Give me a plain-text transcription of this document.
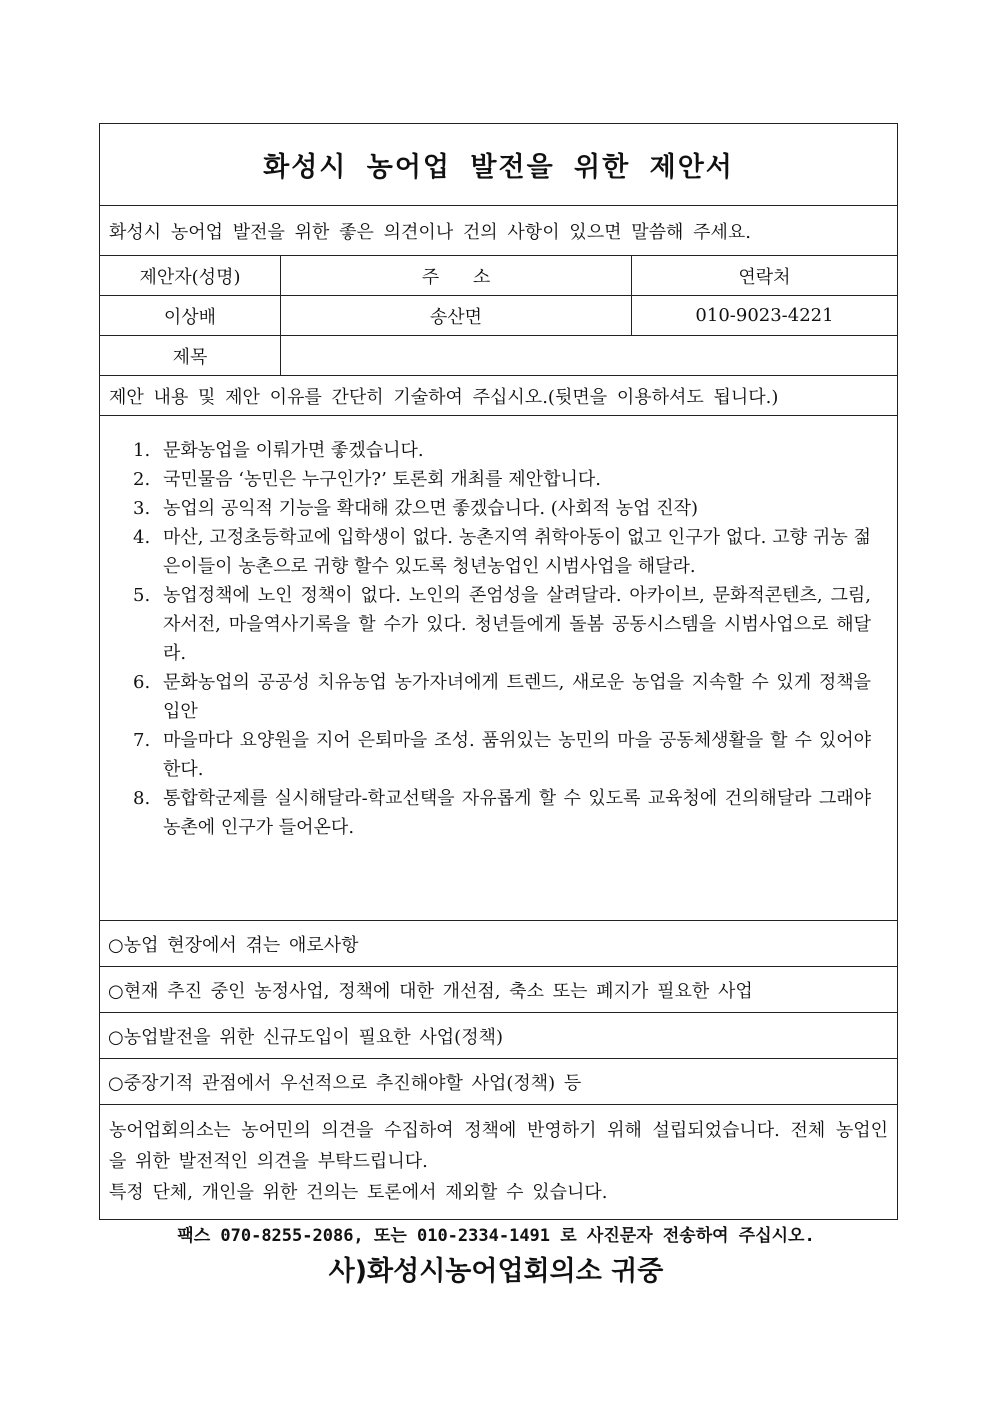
화성시 농어업 발전을 위한 제안서
화성시 농어업 발전을 위한 좋은 의견이나 건의 사항이 있으면 말씀해 주세요.
제안자(성명)	주 소	연락처
이상배	송산면	010-9023-4221
제목
제안 내용 및 제안 이유를 간단히 기술하여 주십시오.(뒷면을 이용하셔도 됩니다.)
1. 문화농업을 이뤄가면 좋겠습니다.
2. 국민물음 ‘농민은 누구인가?’ 토론회 개최를 제안합니다.
3. 농업의 공익적 기능을 확대해 갔으면 좋겠습니다. (사회적 농업 진작)
4. 마산, 고정초등학교에 입학생이 없다. 농촌지역 취학아동이 없고 인구가 없다. 고향 귀농 젊은이들이 농촌으로 귀향 할수 있도록 청년농업인 시범사업을 해달라.
5. 농업정책에 노인 정책이 없다. 노인의 존엄성을 살려달라. 아카이브, 문화적콘텐츠, 그림, 자서전, 마을역사기록을 할 수가 있다. 청년들에게 돌봄 공동시스템을 시범사업으로 해달라.
6. 문화농업의 공공성 치유농업 농가자녀에게 트렌드, 새로운 농업을 지속할 수 있게 정책을 입안
7. 마을마다 요양원을 지어 은퇴마을 조성. 품위있는 농민의 마을 공동체생활을 할 수 있어야 한다.
8. 통합학군제를 실시해달라-학교선택을 자유롭게 할 수 있도록 교육청에 건의해달라 그래야 농촌에 인구가 들어온다.
○농업 현장에서 겪는 애로사항
○현재 추진 중인 농정사업, 정책에 대한 개선점, 축소 또는 폐지가 필요한 사업
○농업발전을 위한 신규도입이 필요한 사업(정책)
○중장기적 관점에서 우선적으로 추진해야할 사업(정책) 등

농어업회의소는 농어민의 의견을 수집하여 정책에 반영하기 위해 설립되었습니다. 전체 농업인을 위한 발전적인 의견을 부탁드립니다.

특정 단체, 개인을 위한 건의는 토론에서 제외할 수 있습니다.

팩스 070-8255-2086, 또는 010-2334-1491 로 사진문자 전송하여 주십시오.
사)화성시농어업회의소 귀중
